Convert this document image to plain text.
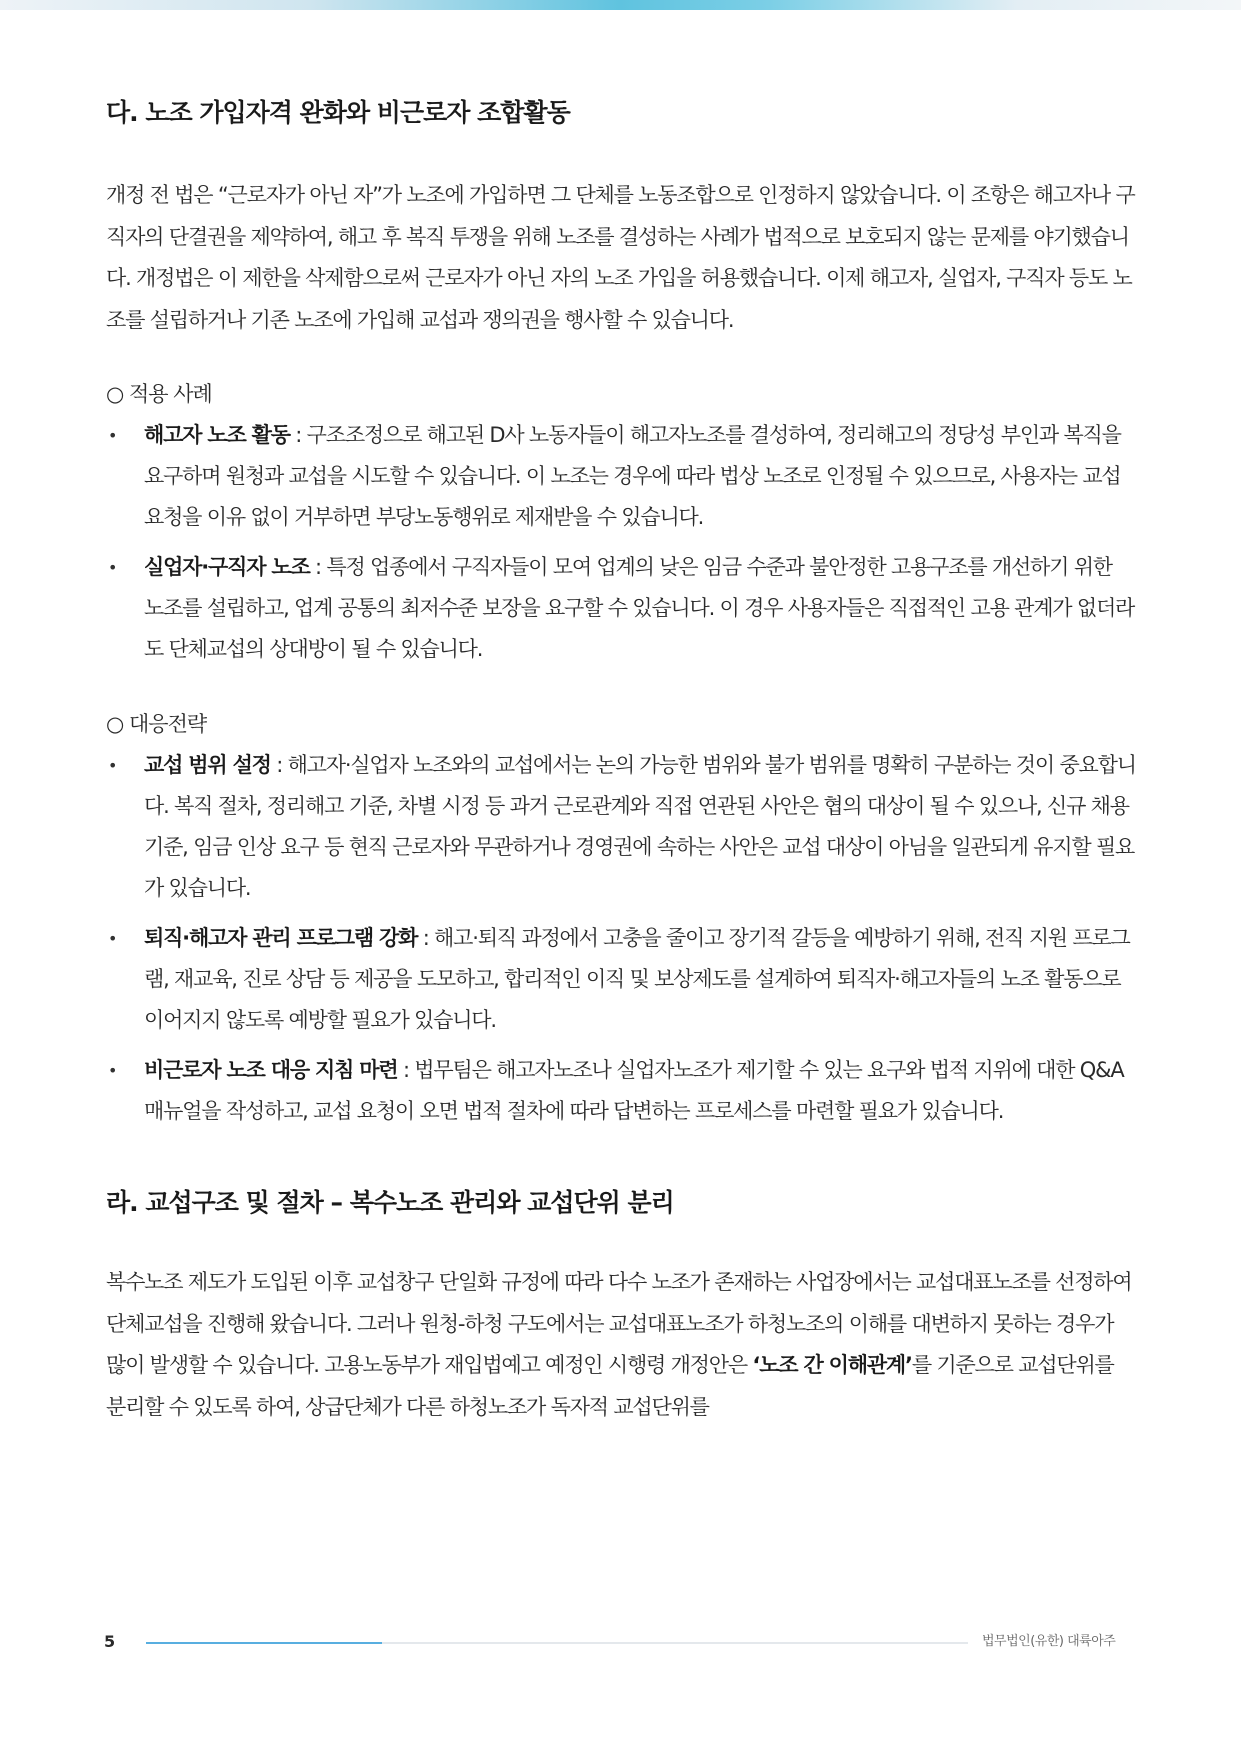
다. 노조 가입자격 완화와 비근로자 조합활동

개정 전 법은 “근로자가 아닌 자”가 노조에 가입하면 그 단체를 노동조합으로 인정하지 않았습니다. 이 조항은 해고자나 구직자의 단결권을 제약하여, 해고 후 복직 투쟁을 위해 노조를 결성하는 사례가 법적으로 보호되지 않는 문제를 야기했습니다. 개정법은 이 제한을 삭제함으로써 근로자가 아닌 자의 노조 가입을 허용했습니다. 이제 해고자, 실업자, 구직자 등도 노조를 설립하거나 기존 노조에 가입해 교섭과 쟁의권을 행사할 수 있습니다.

○ 적용 사례
• 해고자 노조 활동 : 구조조정으로 해고된 D사 노동자들이 해고자노조를 결성하여, 정리해고의 정당성 부인과 복직을 요구하며 원청과 교섭을 시도할 수 있습니다. 이 노조는 경우에 따라 법상 노조로 인정될 수 있으므로, 사용자는 교섭 요청을 이유 없이 거부하면 부당노동행위로 제재받을 수 있습니다.
• 실업자·구직자 노조 : 특정 업종에서 구직자들이 모여 업계의 낮은 임금 수준과 불안정한 고용구조를 개선하기 위한 노조를 설립하고, 업계 공통의 최저수준 보장을 요구할 수 있습니다. 이 경우 사용자들은 직접적인 고용 관계가 없더라도 단체교섭의 상대방이 될 수 있습니다.
○ 대응전략
• 교섭 범위 설정 : 해고자·실업자 노조와의 교섭에서는 논의 가능한 범위와 불가 범위를 명확히 구분하는 것이 중요합니다. 복직 절차, 정리해고 기준, 차별 시정 등 과거 근로관계와 직접 연관된 사안은 협의 대상이 될 수 있으나, 신규 채용 기준, 임금 인상 요구 등 현직 근로자와 무관하거나 경영권에 속하는 사안은 교섭 대상이 아님을 일관되게 유지할 필요가 있습니다.
• 퇴직·해고자 관리 프로그램 강화 : 해고·퇴직 과정에서 고충을 줄이고 장기적 갈등을 예방하기 위해, 전직 지원 프로그램, 재교육, 진로 상담 등 제공을 도모하고, 합리적인 이직 및 보상제도를 설계하여 퇴직자·해고자들의 노조 활동으로 이어지지 않도록 예방할 필요가 있습니다.
• 비근로자 노조 대응 지침 마련 : 법무팀은 해고자노조나 실업자노조가 제기할 수 있는 요구와 법적 지위에 대한 Q&A 매뉴얼을 작성하고, 교섭 요청이 오면 법적 절차에 따라 답변하는 프로세스를 마련할 필요가 있습니다.
라. 교섭구조 및 절차 – 복수노조 관리와 교섭단위 분리

복수노조 제도가 도입된 이후 교섭창구 단일화 규정에 따라 다수 노조가 존재하는 사업장에서는 교섭대표노조를 선정하여 단체교섭을 진행해 왔습니다. 그러나 원청-하청 구도에서는 교섭대표노조가 하청노조의 이해를 대변하지 못하는 경우가 많이 발생할 수 있습니다. 고용노동부가 재입법예고 예정인 시행령 개정안은 ‘노조 간 이해관계’를 기준으로 교섭단위를 분리할 수 있도록 하여, 상급단체가 다른 하청노조가 독자적 교섭단위를

5	법무법인(유한) 대륙아주
